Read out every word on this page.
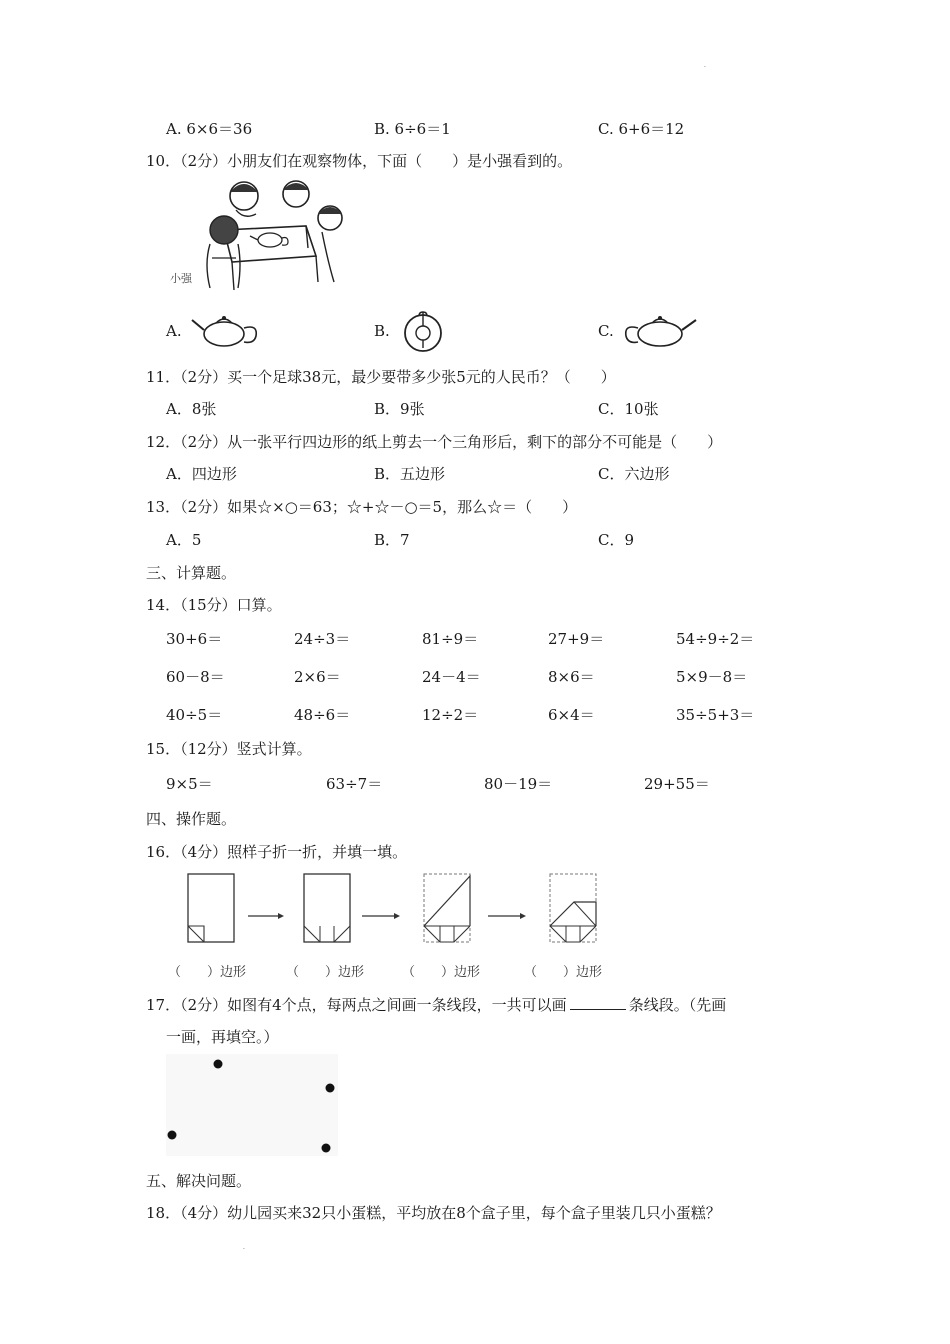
·
A. 6×6＝36	B. 6÷6＝1	C. 6+6＝12
10．（2分）小朋友们在观察物体，下面（　　）是小强看到的。
小强
A.	B.	C.
11．（2分）买一个足球38元，最少要带多少张5元的人民币？（　　）
A．8张	B．9张	C．10张
12．（2分）从一张平行四边形的纸上剪去一个三角形后，剩下的部分不可能是（　　）
A．四边形	B．五边形	C．六边形
13．（2分）如果☆×○＝63；☆+☆－○＝5，那么☆＝（　　）
A．5	B．7	C．9
三、计算题。
14．（15分）口算。
30+6＝	24÷3＝	81÷9＝	27+9＝	54÷9÷2＝
60－8＝	2×6＝	24－4＝	8×6＝	5×9－8＝
40÷5＝	48÷6＝	12÷2＝	6×4＝	35÷5+3＝
15．（12分）竖式计算。
9×5＝	63÷7＝	80－19＝	29+55＝
四、操作题。
16．（4分）照样子折一折，并填一填。
（　　）边形	（　　）边形	（　　）边形	（　　）边形
17．（2分）如图有4个点，每两点之间画一条线段，一共可以画	条线段。（先画
一画，再填空。）
五、解决问题。
18．（4分）幼儿园买来32只小蛋糕，平均放在8个盒子里，每个盒子里装几只小蛋糕？
·
